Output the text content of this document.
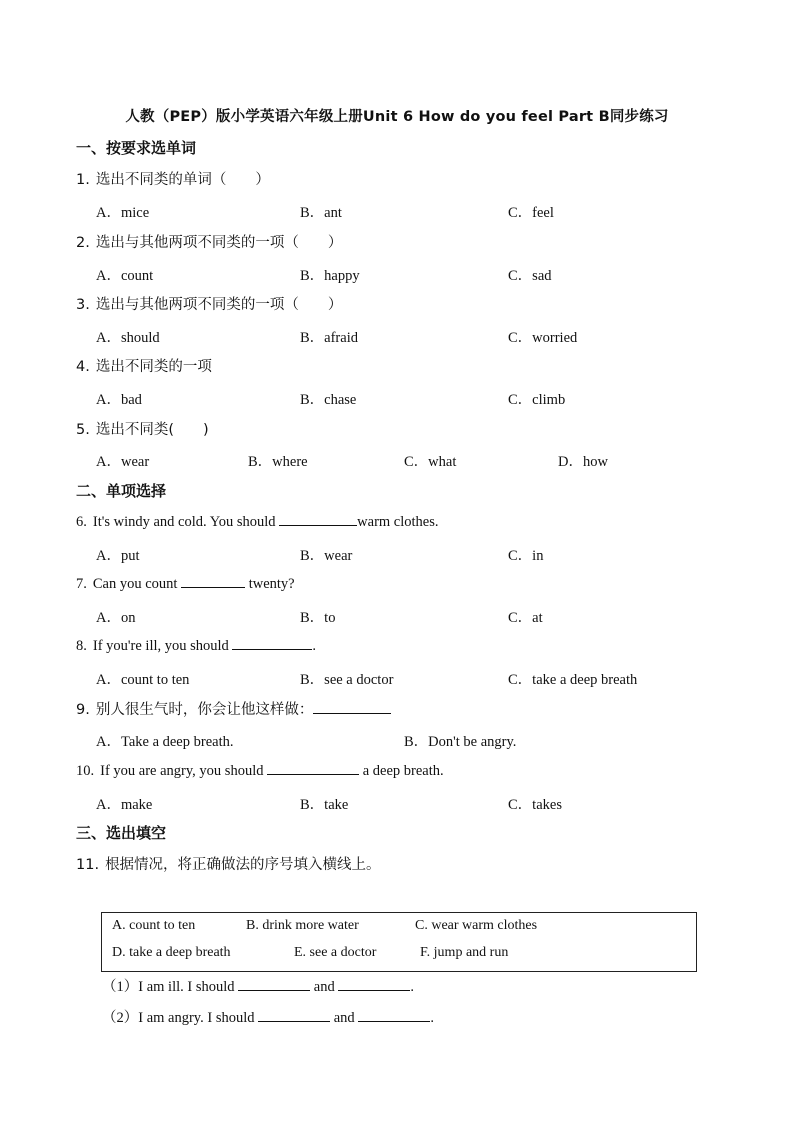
人教（PEP）版小学英语六年级上册Unit 6 How do you feel Part B同步练习
一、按要求选单词
1. 选出不同类的单词（　　）
A．mice	B．ant	C．feel
2. 选出与其他两项不同类的一项（　　）
A．count	B．happy	C．sad
3. 选出与其他两项不同类的一项（　　）
A．should	B．afraid	C．worried
4. 选出不同类的一项
A．bad	B．chase	C．climb
5. 选出不同类(　　)
A．wear	B．where	C．what	D．how
二、单项选择
6. It's windy and cold. You should	warm clothes.
A．put	B．wear	C．in
7. Can you count	twenty?
A．on	B．to	C．at
8. If you're ill, you should	.
A．count to ten	B．see a doctor	C．take a deep breath
9. 别人很生气时，你会让他这样做：
A．Take a deep breath.	B．Don't be angry.
10. If you are angry, you should	a deep breath.
A．make	B．take	C．takes
三、选出填空
11. 根据情况，将正确做法的序号填入横线上。
A. count to ten	B. drink more water	C. wear warm clothes
D. take a deep breath	E. see a doctor	F. jump and run
（1）I am ill. I should	and	.
（2）I am angry. I should	and	.
